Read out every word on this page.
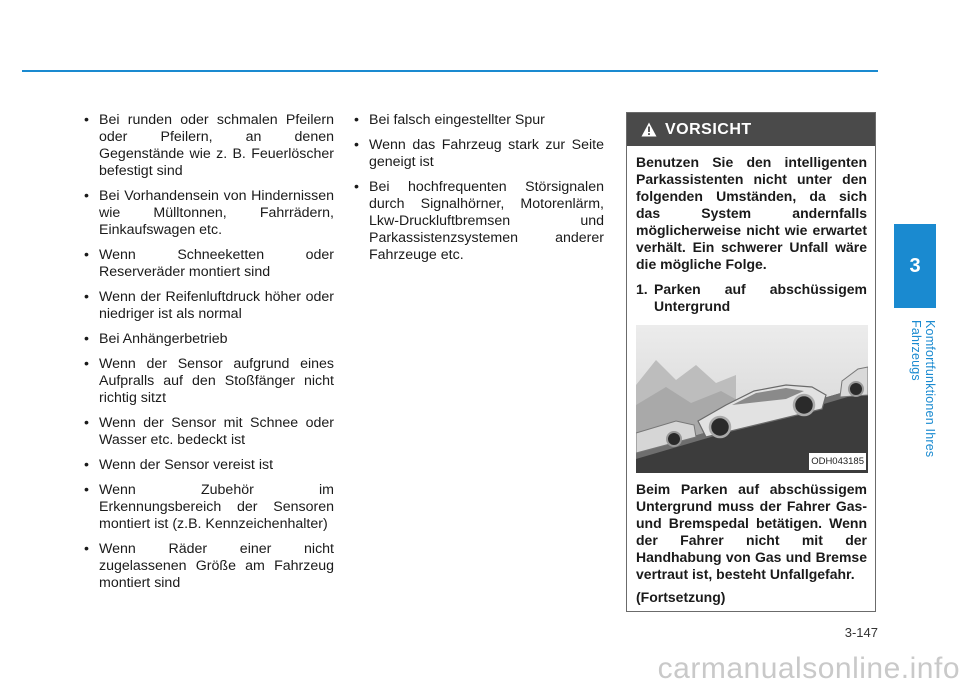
• Bei runden oder schmalen Pfeilern oder Pfeilern, an denen Gegenstände wie z. B. Feuerlöscher befestigt sind
• Bei Vorhandensein von Hindernissen wie Mülltonnen, Fahrrädern, Einkaufswagen etc.
• Wenn Schneeketten oder Reserveräder montiert sind
• Wenn der Reifenluftdruck höher oder niedriger ist als normal
• Bei Anhängerbetrieb
• Wenn der Sensor aufgrund eines Aufpralls auf den Stoßfänger nicht richtig sitzt
• Wenn der Sensor mit Schnee oder Wasser etc. bedeckt ist
• Wenn der Sensor vereist ist
• Wenn Zubehör im Erkennungsbereich der Sensoren montiert ist (z.B. Kennzeichenhalter)
• Wenn Räder einer nicht zugelassenen Größe am Fahrzeug montiert sind
• Bei falsch eingestellter Spur
• Wenn das Fahrzeug stark zur Seite geneigt ist
• Bei hochfrequenten Störsignalen durch Signalhörner, Motorenlärm, Lkw-Druckluftbremsen und Parkassistenzsystemen anderer Fahrzeuge etc.
VORSICHT

Benutzen Sie den intelligenten Parkassistenten nicht unter den folgenden Umständen, da sich das System andernfalls möglicherweise nicht wie erwartet verhält. Ein schwerer Unfall wäre die mögliche Folge.

1. Parken auf abschüssigem Untergrund
ODH043185

Beim Parken auf abschüssigem Untergrund muss der Fahrer Gas- und Bremspedal betätigen. Wenn der Fahrer nicht mit der Handhabung von Gas und Bremse vertraut ist, besteht Unfallgefahr.

(Fortsetzung)

3
Komfortfunktionen Ihres Fahrzeugs
3-147
carmanualsonline.info
